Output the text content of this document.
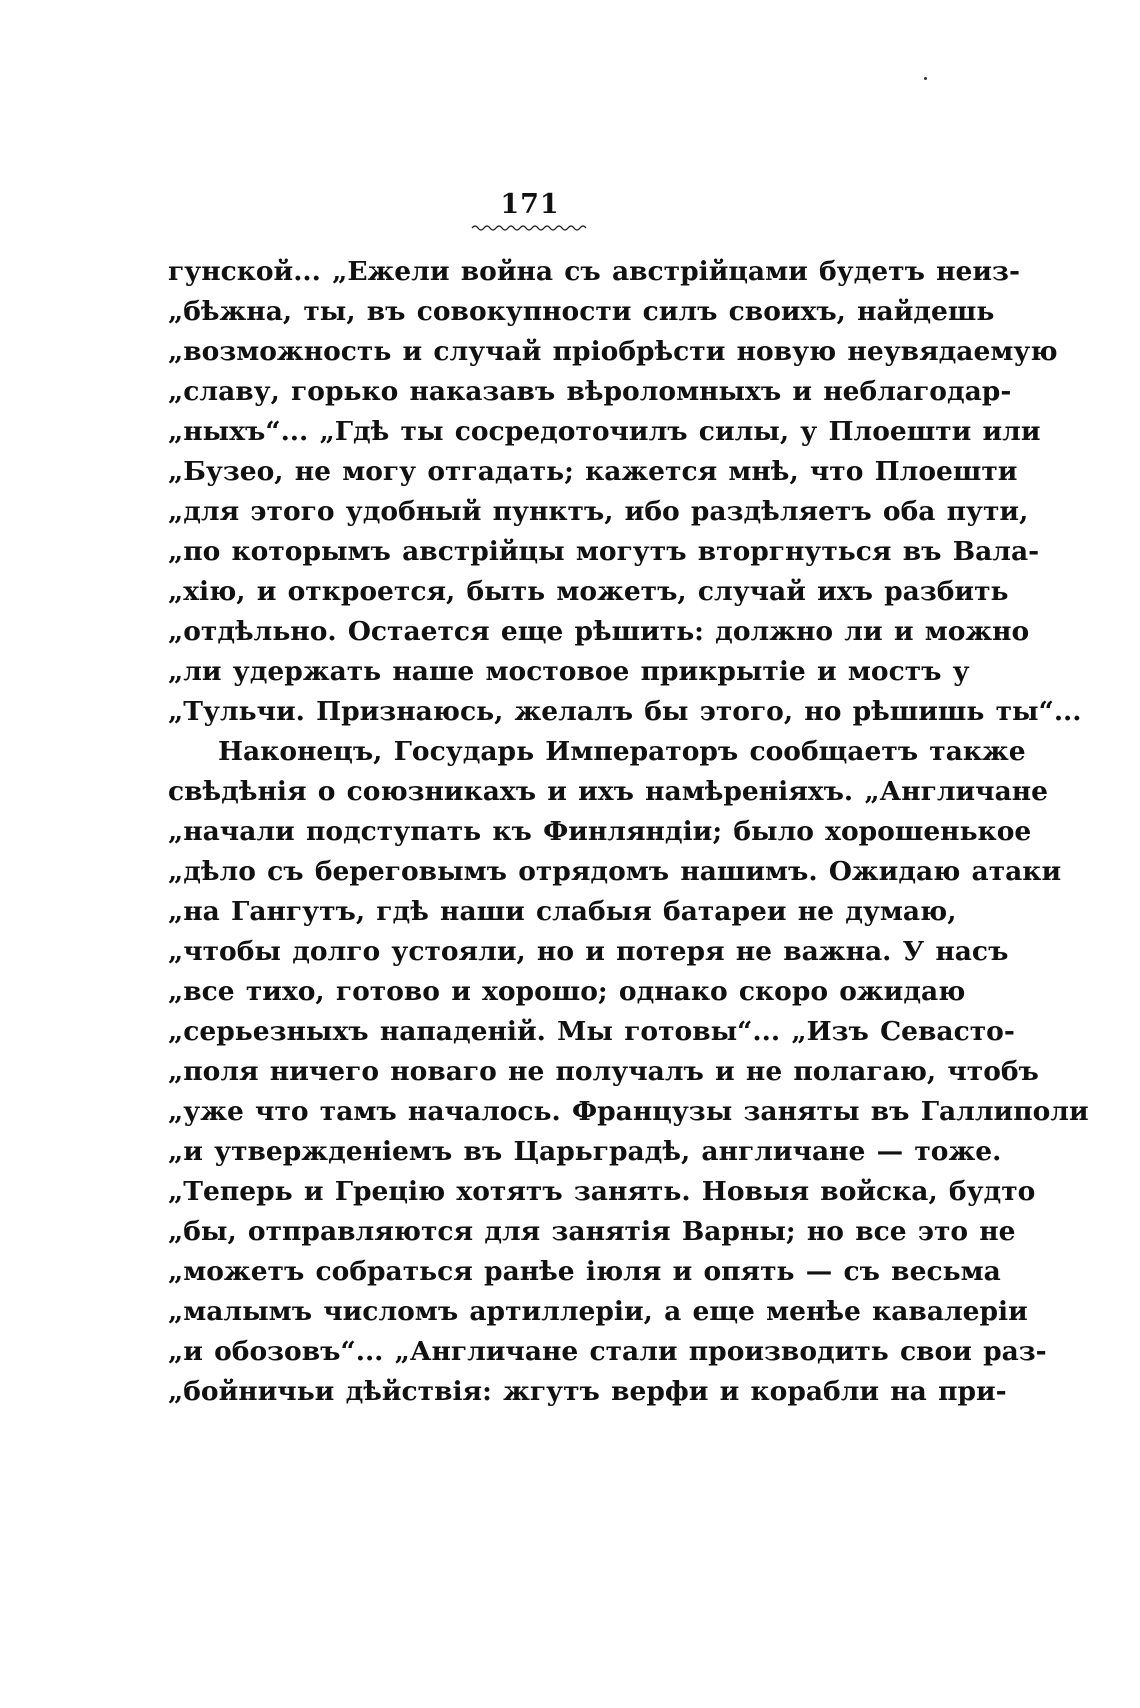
171
гунской... „Ежели война съ австрійцами будетъ неиз-
„бѣжна, ты, въ совокупности силъ своихъ, найдешь
„возможность и случай пріобрѣсти новую неувядаемую
„славу, горько наказавъ вѣроломныхъ и неблагодар-
„ныхъ“... „Гдѣ ты сосредоточилъ силы, у Плоешти или
„Бузео, не могу отгадать; кажется мнѣ, что Плоешти
„для этого удобный пунктъ, ибо раздѣляетъ оба пути,
„по которымъ австрійцы могутъ вторгнуться въ Вала-
„хію, и откроется, быть можетъ, случай ихъ разбить
„отдѣльно. Остается еще рѣшить: должно ли и можно
„ли удержать наше мостовое прикрытіе и мостъ у
„Тульчи. Признаюсь, желалъ бы этого, но рѣшишь ты“...
Наконецъ, Государь Императоръ сообщаетъ также
свѣдѣнія о союзникахъ и ихъ намѣреніяхъ. „Англичане
„начали подступать къ Финляндіи; было хорошенькое
„дѣло съ береговымъ отрядомъ нашимъ. Ожидаю атаки
„на Гангутъ, гдѣ наши слабыя батареи не думаю,
„чтобы долго устояли, но и потеря не важна. У насъ
„все тихо, готово и хорошо; однако скоро ожидаю
„серьезныхъ нападеній. Мы готовы“... „Изъ Севасто-
„поля ничего новаго не получалъ и не полагаю, чтобъ
„уже что тамъ началось. Французы заняты въ Галлиполи
„и утвержденіемъ въ Царьградѣ, англичане — тоже.
„Теперь и Грецію хотятъ занять. Новыя войска, будто
„бы, отправляются для занятія Варны; но все это не
„можетъ собраться ранѣе іюля и опять — съ весьма
„малымъ числомъ артиллеріи, а еще менѣе кавалеріи
„и обозовъ“... „Англичане стали производить свои раз-
„бойничьи дѣйствія: жгутъ верфи и корабли на при-
